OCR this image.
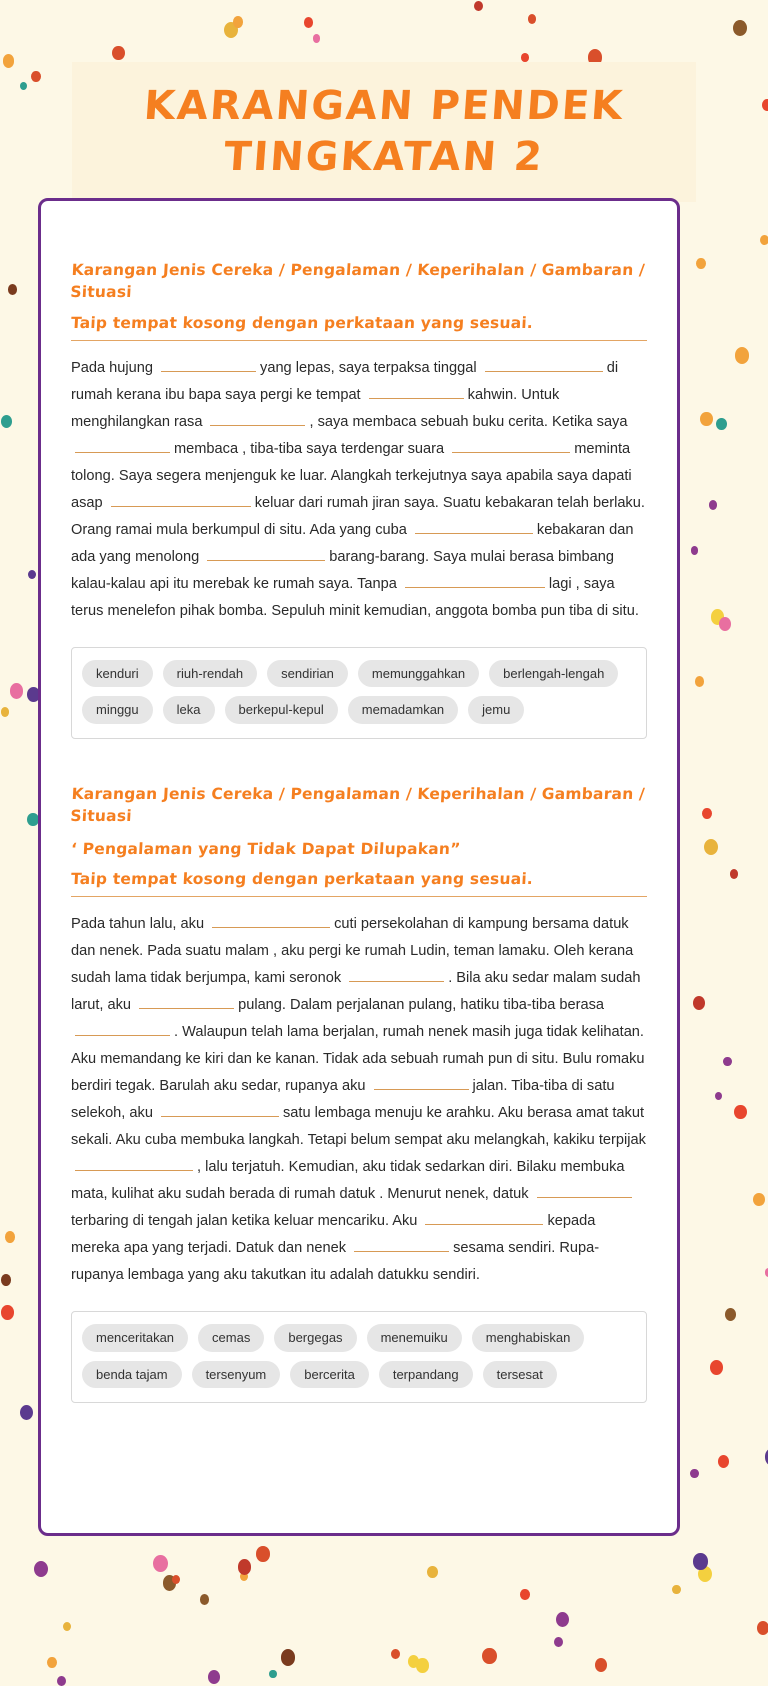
KARANGAN PENDEK
TINGKATAN 2
Karangan Jenis Cereka / Pengalaman / Keperihalan / Gambaran / Situasi
Taip tempat kosong dengan perkataan yang sesuai.
Pada hujung	yang lepas, saya terpaksa tinggal	di rumah kerana ibu bapa saya pergi ke tempat	kahwin. Untuk menghilangkan rasa	, saya membaca sebuah buku cerita. Ketika saya membaca , tiba-tiba saya terdengar suara	meminta tolong. Saya segera menjenguk ke luar. Alangkah terkejutnya saya apabila saya dapati asap	keluar dari rumah jiran saya. Suatu kebakaran telah berlaku. Orang ramai mula berkumpul di situ. Ada yang cuba	kebakaran dan ada yang menolong	barang-barang. Saya mulai berasa bimbang kalau-kalau api itu merebak ke rumah saya. Tanpa	lagi , saya terus menelefon pihak bomba. Sepuluh minit kemudian, anggota bomba pun tiba di situ.
kenduri	riuh-rendah	sendirian	memunggahkan	berlengah-lengah
minggu	leka	berkepul-kepul	memadamkan	jemu
Karangan Jenis Cereka / Pengalaman / Keperihalan / Gambaran / Situasi
‘ Pengalaman yang Tidak Dapat Dilupakan”
Taip tempat kosong dengan perkataan yang sesuai.
Pada tahun lalu, aku	cuti persekolahan di kampung bersama datuk dan nenek. Pada suatu malam , aku pergi ke rumah Ludin, teman lamaku. Oleh kerana sudah lama tidak berjumpa, kami seronok	. Bila aku sedar malam sudah larut, aku	pulang. Dalam perjalanan pulang, hatiku tiba-tiba berasa . Walaupun telah lama berjalan, rumah nenek masih juga tidak kelihatan. Aku memandang ke kiri dan ke kanan. Tidak ada sebuah rumah pun di situ. Bulu romaku berdiri tegak. Barulah aku sedar, rupanya aku	jalan. Tiba-tiba di satu selekoh, aku	satu lembaga menuju ke arahku. Aku berasa amat takut sekali. Aku cuba membuka langkah. Tetapi belum sempat aku melangkah, kakiku terpijak , lalu terjatuh. Kemudian, aku tidak sedarkan diri. Bilaku membuka mata, kulihat aku sudah berada di rumah datuk . Menurut nenek, datuk terbaring di tengah jalan ketika keluar mencariku. Aku	kepada mereka apa yang terjadi. Datuk dan nenek	sesama sendiri. Rupa-rupanya lembaga yang aku takutkan itu adalah datukku sendiri.
menceritakan	cemas	bergegas	menemuiku	menghabiskan
benda tajam	tersenyum	bercerita	terpandang	tersesat
